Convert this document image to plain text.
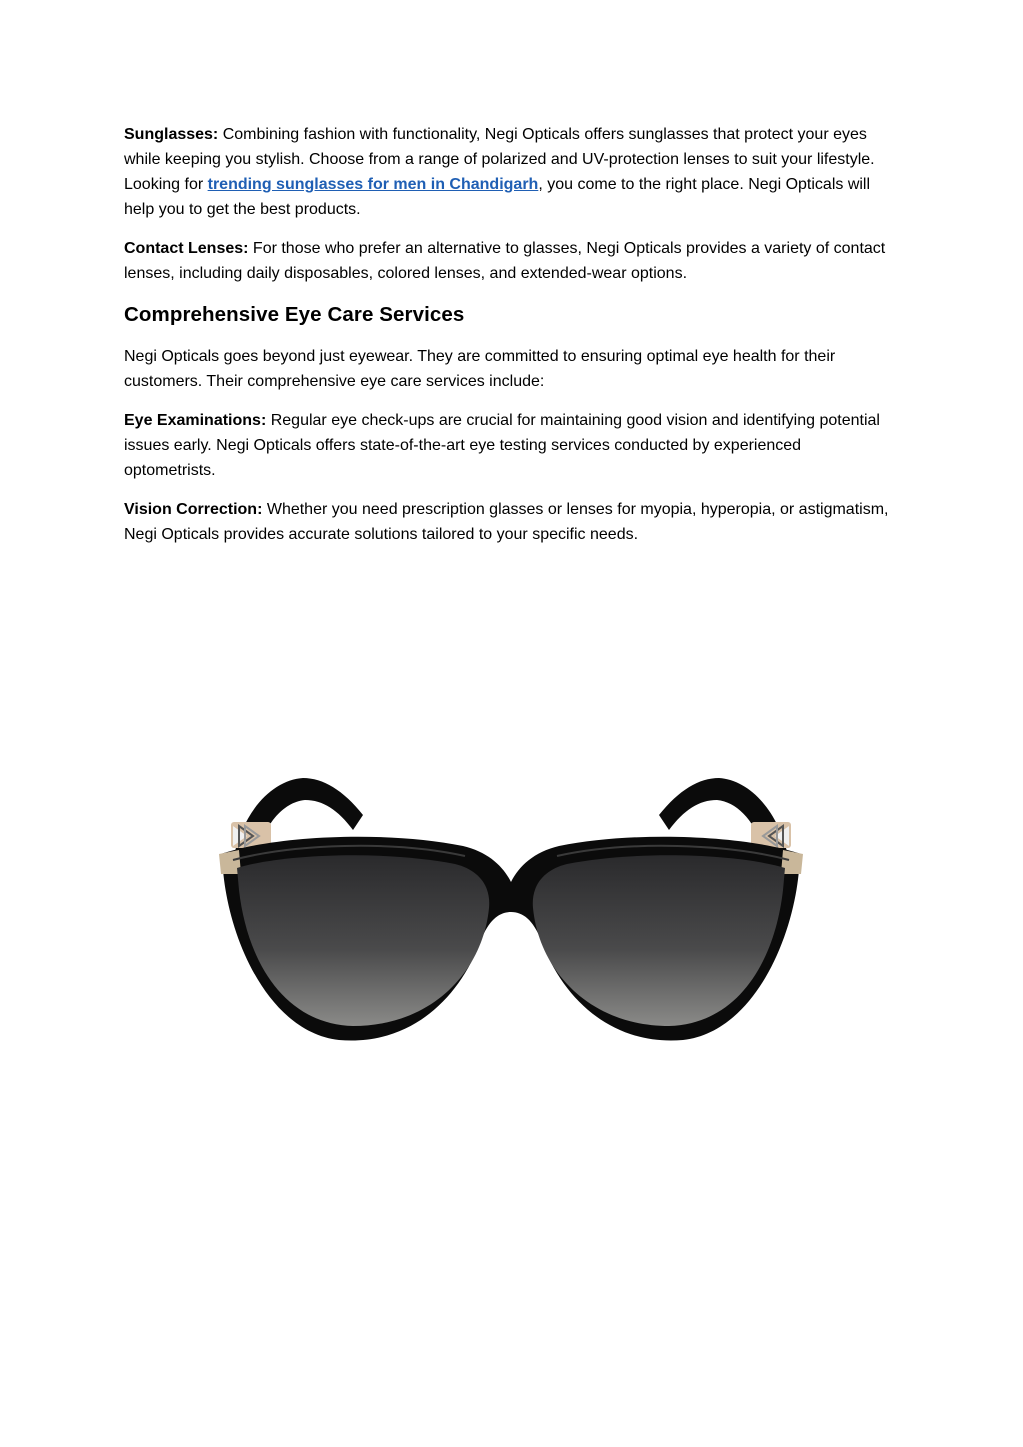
Sunglasses: Combining fashion with functionality, Negi Opticals offers sunglasses that protect your eyes while keeping you stylish. Choose from a range of polarized and UV-protection lenses to suit your lifestyle. Looking for trending sunglasses for men in Chandigarh, you come to the right place. Negi Opticals will help you to get the best products.

Contact Lenses: For those who prefer an alternative to glasses, Negi Opticals provides a variety of contact lenses, including daily disposables, colored lenses, and extended-wear options.

Comprehensive Eye Care Services

Negi Opticals goes beyond just eyewear. They are committed to ensuring optimal eye health for their customers. Their comprehensive eye care services include:

Eye Examinations: Regular eye check-ups are crucial for maintaining good vision and identifying potential issues early. Negi Opticals offers state-of-the-art eye testing services conducted by experienced optometrists.

Vision Correction: Whether you need prescription glasses or lenses for myopia, hyperopia, or astigmatism, Negi Opticals provides accurate solutions tailored to your specific needs.
